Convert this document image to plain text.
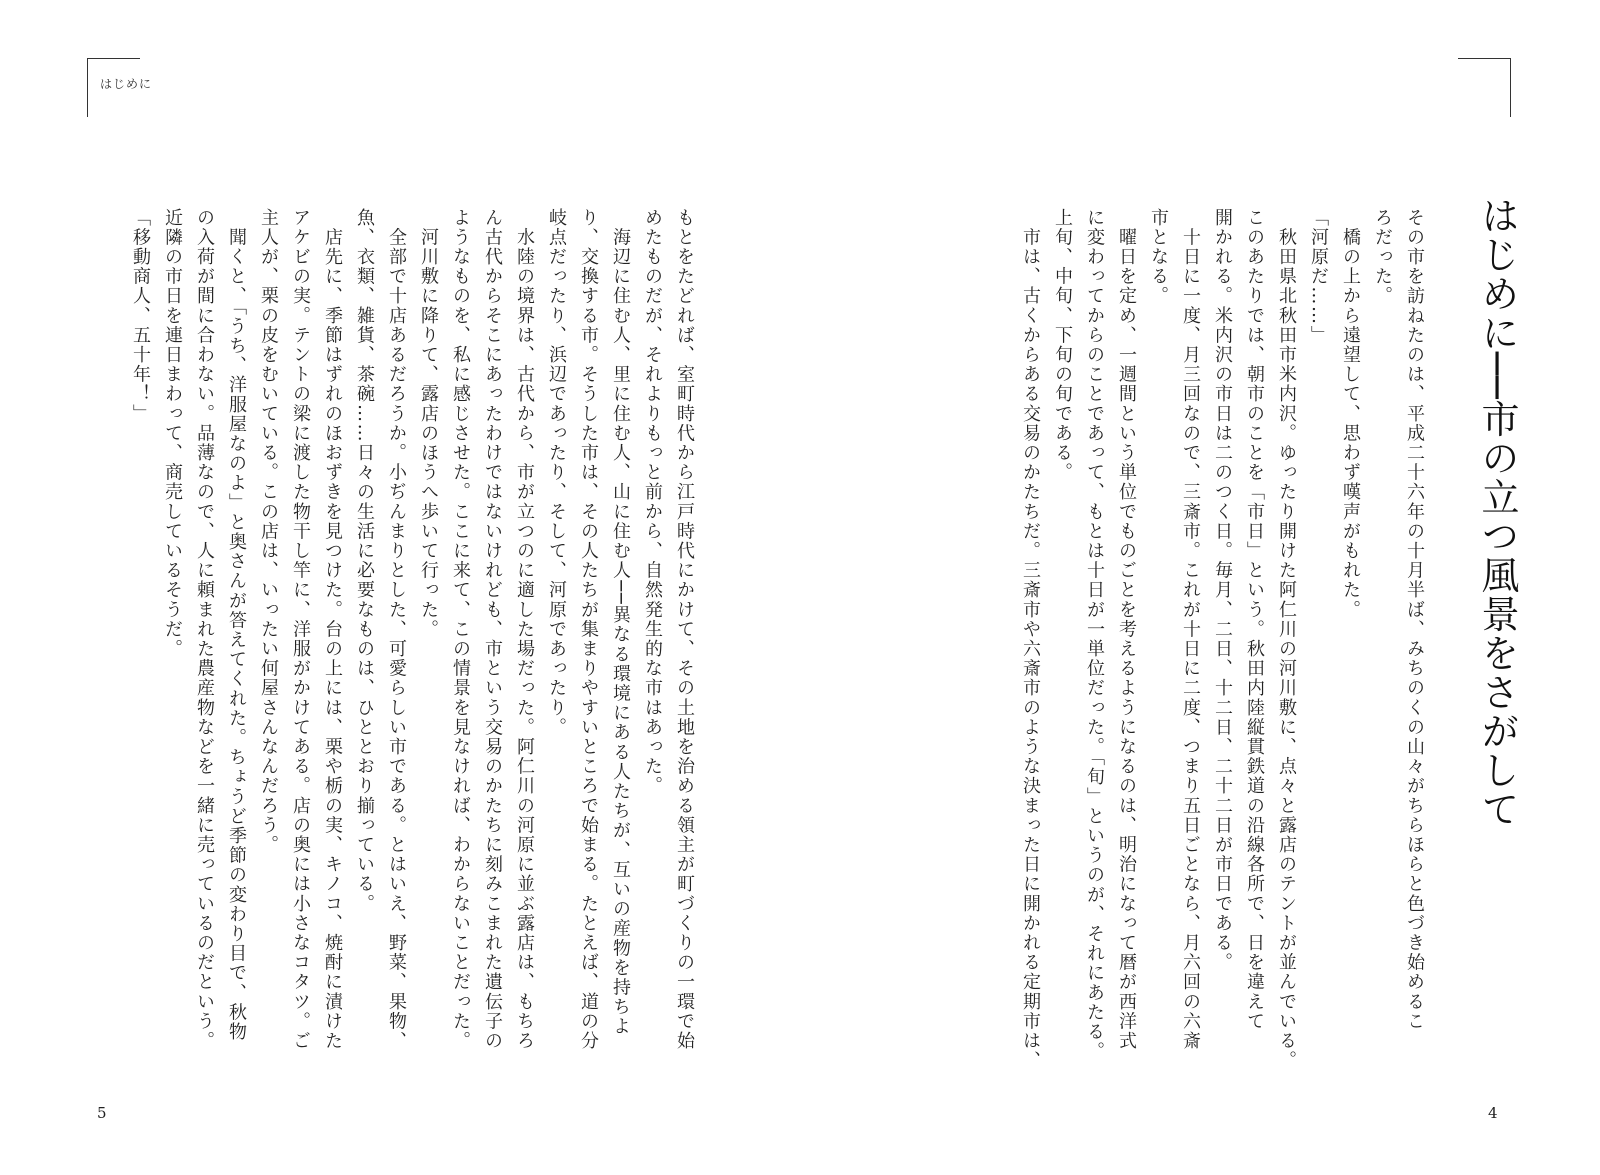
はじめに
はじめに──市の立つ風景をさがして

その市を訪ねたのは、平成二十六年の十月半ば、みちのくの山々がちらほらと色づき始めるこ

ろだった。

　橋の上から遠望して、思わず嘆声がもれた。

「河原だ……」

　秋田県北秋田市米内沢。ゆったり開けた阿仁川の河川敷に、点々と露店のテントが並んでいる。

このあたりでは、朝市のことを「市日」という。秋田内陸縦貫鉄道の沿線各所で、日を違えて

開かれる。米内沢の市日は二のつく日。毎月、二日、十二日、二十二日が市日である。

　十日に一度、月三回なので、三斎市。これが十日に二度、つまり五日ごとなら、月六回の六斎

市となる。

　曜日を定め、一週間という単位でものごとを考えるようになるのは、明治になって暦が西洋式

に変わってからのことであって、もとは十日が一単位だった。「旬」というのが、それにあたる。

上旬、中旬、下旬の旬である。

　市は、古くからある交易のかたちだ。三斎市や六斎市のような決まった日に開かれる定期市は、

もとをたどれば、室町時代から江戸時代にかけて、その土地を治める領主が町づくりの一環で始

めたものだが、それよりもっと前から、自然発生的な市はあった。

　海辺に住む人、里に住む人、山に住む人──異なる環境にある人たちが、互いの産物を持ちよ

り、交換する市。そうした市は、その人たちが集まりやすいところで始まる。たとえば、道の分

岐点だったり、浜辺であったり、そして、河原であったり。

　水陸の境界は、古代から、市が立つのに適した場だった。阿仁川の河原に並ぶ露店は、もちろ

ん古代からそこにあったわけではないけれども、市という交易のかたちに刻みこまれた遺伝子の

ようなものを、私に感じさせた。ここに来て、この情景を見なければ、わからないことだった。

　河川敷に降りて、露店のほうへ歩いて行った。

　全部で十店あるだろうか。小ぢんまりとした、可愛らしい市である。とはいえ、野菜、果物、

魚、衣類、雑貨、茶碗……日々の生活に必要なものは、ひととおり揃っている。

　店先に、季節はずれのほおずきを見つけた。台の上には、栗や栃の実、キノコ、焼酎に漬けた

アケビの実。テントの梁に渡した物干し竿に、洋服がかけてある。店の奥には小さなコタツ。ご

主人が、栗の皮をむいている。この店は、いったい何屋さんなんだろう。

　聞くと、「うち、洋服屋なのよ」と奥さんが答えてくれた。ちょうど季節の変わり目で、秋物

の入荷が間に合わない。品薄なので、人に頼まれた農産物などを一緒に売っているのだという。

近隣の市日を連日まわって、商売しているそうだ。

「移動商人、五十年！」

5	4
